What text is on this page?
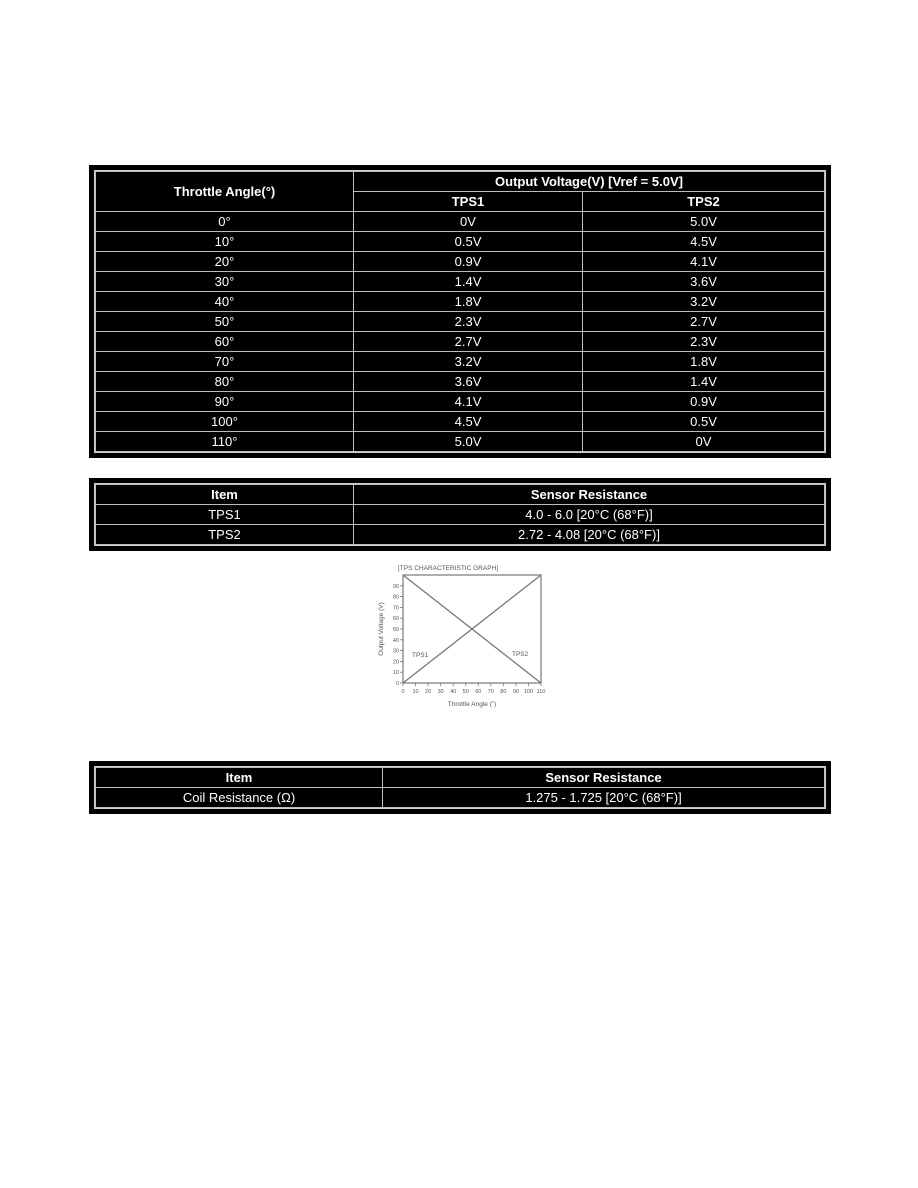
Throttle Angle(°)	Output Voltage(V) [Vref = 5.0V]	
	TPS1	TPS2
0°	0V	5.0V
10°	0.5V	4.5V
20°	0.9V	4.1V
30°	1.4V	3.6V
40°	1.8V	3.2V
50°	2.3V	2.7V
60°	2.7V	2.3V
70°	3.2V	1.8V
80°	3.6V	1.4V
90°	4.1V	0.9V
100°	4.5V	0.5V
110°	5.0V	0V
Item	Sensor Resistance
TPS1	4.0 - 6.0 [20°C (68°F)]
TPS2	2.72 - 4.08 [20°C (68°F)]
[TPS CHARACTERISTIC GRAPH]
0 10 20 30 40 50 60 70 80 90 100 110
0
10
20
30
40
50
60
70
80
90
TPS1	TPS2
Throttle Angle (˚)
Output Voltage (V)
Item	Sensor Resistance
Coil Resistance (Ω)	1.275 - 1.725 [20°C (68°F)]
